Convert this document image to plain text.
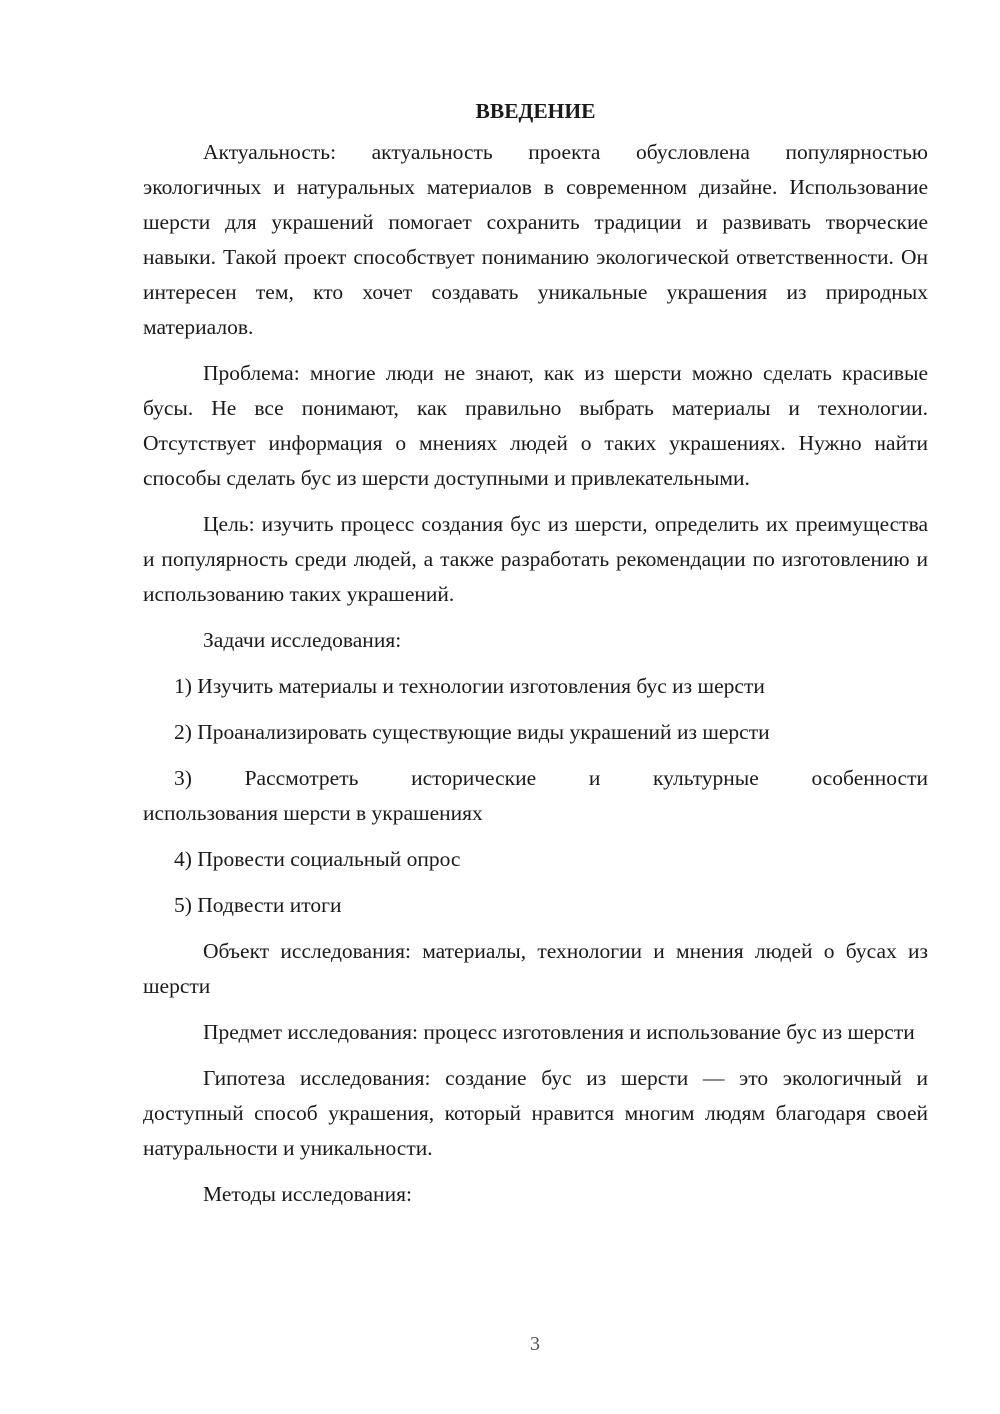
ВВЕДЕНИЕ

Актуальность: актуальность проекта обусловлена популярностью экологичных и натуральных материалов в современном дизайне. Использование шерсти для украшений помогает сохранить традиции и развивать творческие навыки. Такой проект способствует пониманию экологической ответственности. Он интересен тем, кто хочет создавать уникальные украшения из природных материалов.

Проблема: многие люди не знают, как из шерсти можно сделать красивые бусы. Не все понимают, как правильно выбрать материалы и технологии. Отсутствует информация о мнениях людей о таких украшениях. Нужно найти способы сделать бус из шерсти доступными и привлекательными.

Цель: изучить процесс создания бус из шерсти, определить их преимущества и популярность среди людей, а также разработать рекомендации по изготовлению и использованию таких украшений.

Задачи исследования:

1) Изучить материалы и технологии изготовления бус из шерсти

2) Проанализировать существующие виды украшений из шерсти

3) Рассмотреть исторические и культурные особенности
использования шерсти в украшениях

4) Провести социальный опрос

5) Подвести итоги

Объект исследования: материалы, технологии и мнения людей о бусах из шерсти

Предмет исследования: процесс изготовления и использование бус из шерсти

Гипотеза исследования: создание бус из шерсти — это экологичный и доступный способ украшения, который нравится многим людям благодаря своей натуральности и уникальности.

Методы исследования:

3
